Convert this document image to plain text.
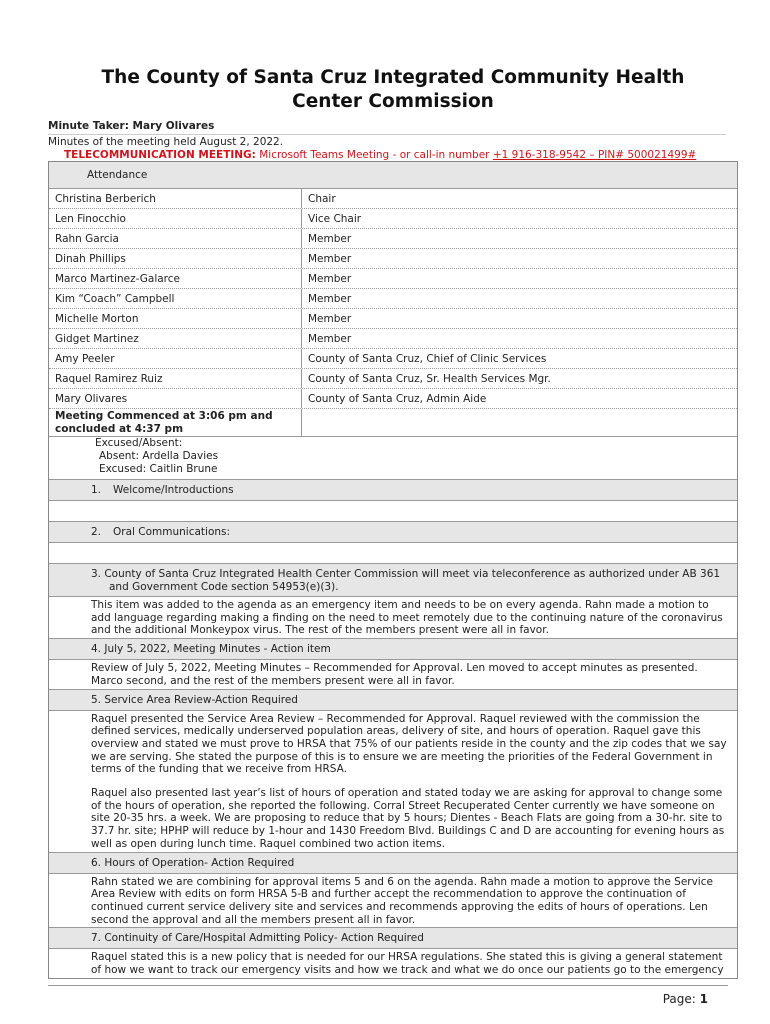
The County of Santa Cruz Integrated Community Health
Center Commission
Minute Taker: Mary Olivares
Minutes of the meeting held August 2, 2022.
TELECOMMUNICATION MEETING: Microsoft Teams Meeting - or call-in number +1 916-318-9542 – PIN# 500021499#
Attendance
Christina Berberich	Chair
Len Finocchio	Vice Chair
Rahn Garcia	Member
Dinah Phillips	Member
Marco Martinez-Galarce	Member
Kim “Coach” Campbell	Member
Michelle Morton	Member
Gidget Martinez	Member
Amy Peeler	County of Santa Cruz, Chief of Clinic Services
Raquel Ramirez Ruiz	County of Santa Cruz, Sr. Health Services Mgr.
Mary Olivares	County of Santa Cruz, Admin Aide
Meeting Commenced at 3:06 pm and
concluded at 4:37 pm
Excused/Absent:
Absent: Ardella Davies
Excused: Caitlin Brune
1.	Welcome/Introductions
2.	Oral Communications:
3. County of Santa Cruz Integrated Health Center Commission will meet via teleconference as authorized under AB 361
and Government Code section 54953(e)(3).
This item was added to the agenda as an emergency item and needs to be on every agenda. Rahn made a motion to add language regarding making a finding on the need to meet remotely due to the continuing nature of the coronavirus and the additional Monkeypox virus. The rest of the members present were all in favor.
4. July 5, 2022, Meeting Minutes - Action item
Review of July 5, 2022, Meeting Minutes – Recommended for Approval. Len moved to accept minutes as presented. Marco second, and the rest of the members present were all in favor.
5. Service Area Review-Action Required
Raquel presented the Service Area Review – Recommended for Approval. Raquel reviewed with the commission the defined services, medically underserved population areas, delivery of site, and hours of operation. Raquel gave this overview and stated we must prove to HRSA that 75% of our patients reside in the county and the zip codes that we say we are serving. She stated the purpose of this is to ensure we are meeting the priorities of the Federal Government in terms of the funding that we receive from HRSA.
Raquel also presented last year’s list of hours of operation and stated today we are asking for approval to change some of the hours of operation, she reported the following. Corral Street Recuperated Center currently we have someone on site 20-35 hrs. a week. We are proposing to reduce that by 5 hours; Dientes - Beach Flats are going from a 30-hr. site to 37.7 hr. site; HPHP will reduce by 1-hour and 1430 Freedom Blvd. Buildings C and D are accounting for evening hours as well as open during lunch time. Raquel combined two action items.
6. Hours of Operation- Action Required
Rahn stated we are combining for approval items 5 and 6 on the agenda. Rahn made a motion to approve the Service Area Review with edits on form HRSA 5-B and further accept the recommendation to approve the continuation of continued current service delivery site and services and recommends approving the edits of hours of operations. Len second the approval and all the members present all in favor.
7. Continuity of Care/Hospital Admitting Policy- Action Required
Raquel stated this is a new policy that is needed for our HRSA regulations. She stated this is giving a general statement of how we want to track our emergency visits and how we track and what we do once our patients go to the emergency
Page: 1
